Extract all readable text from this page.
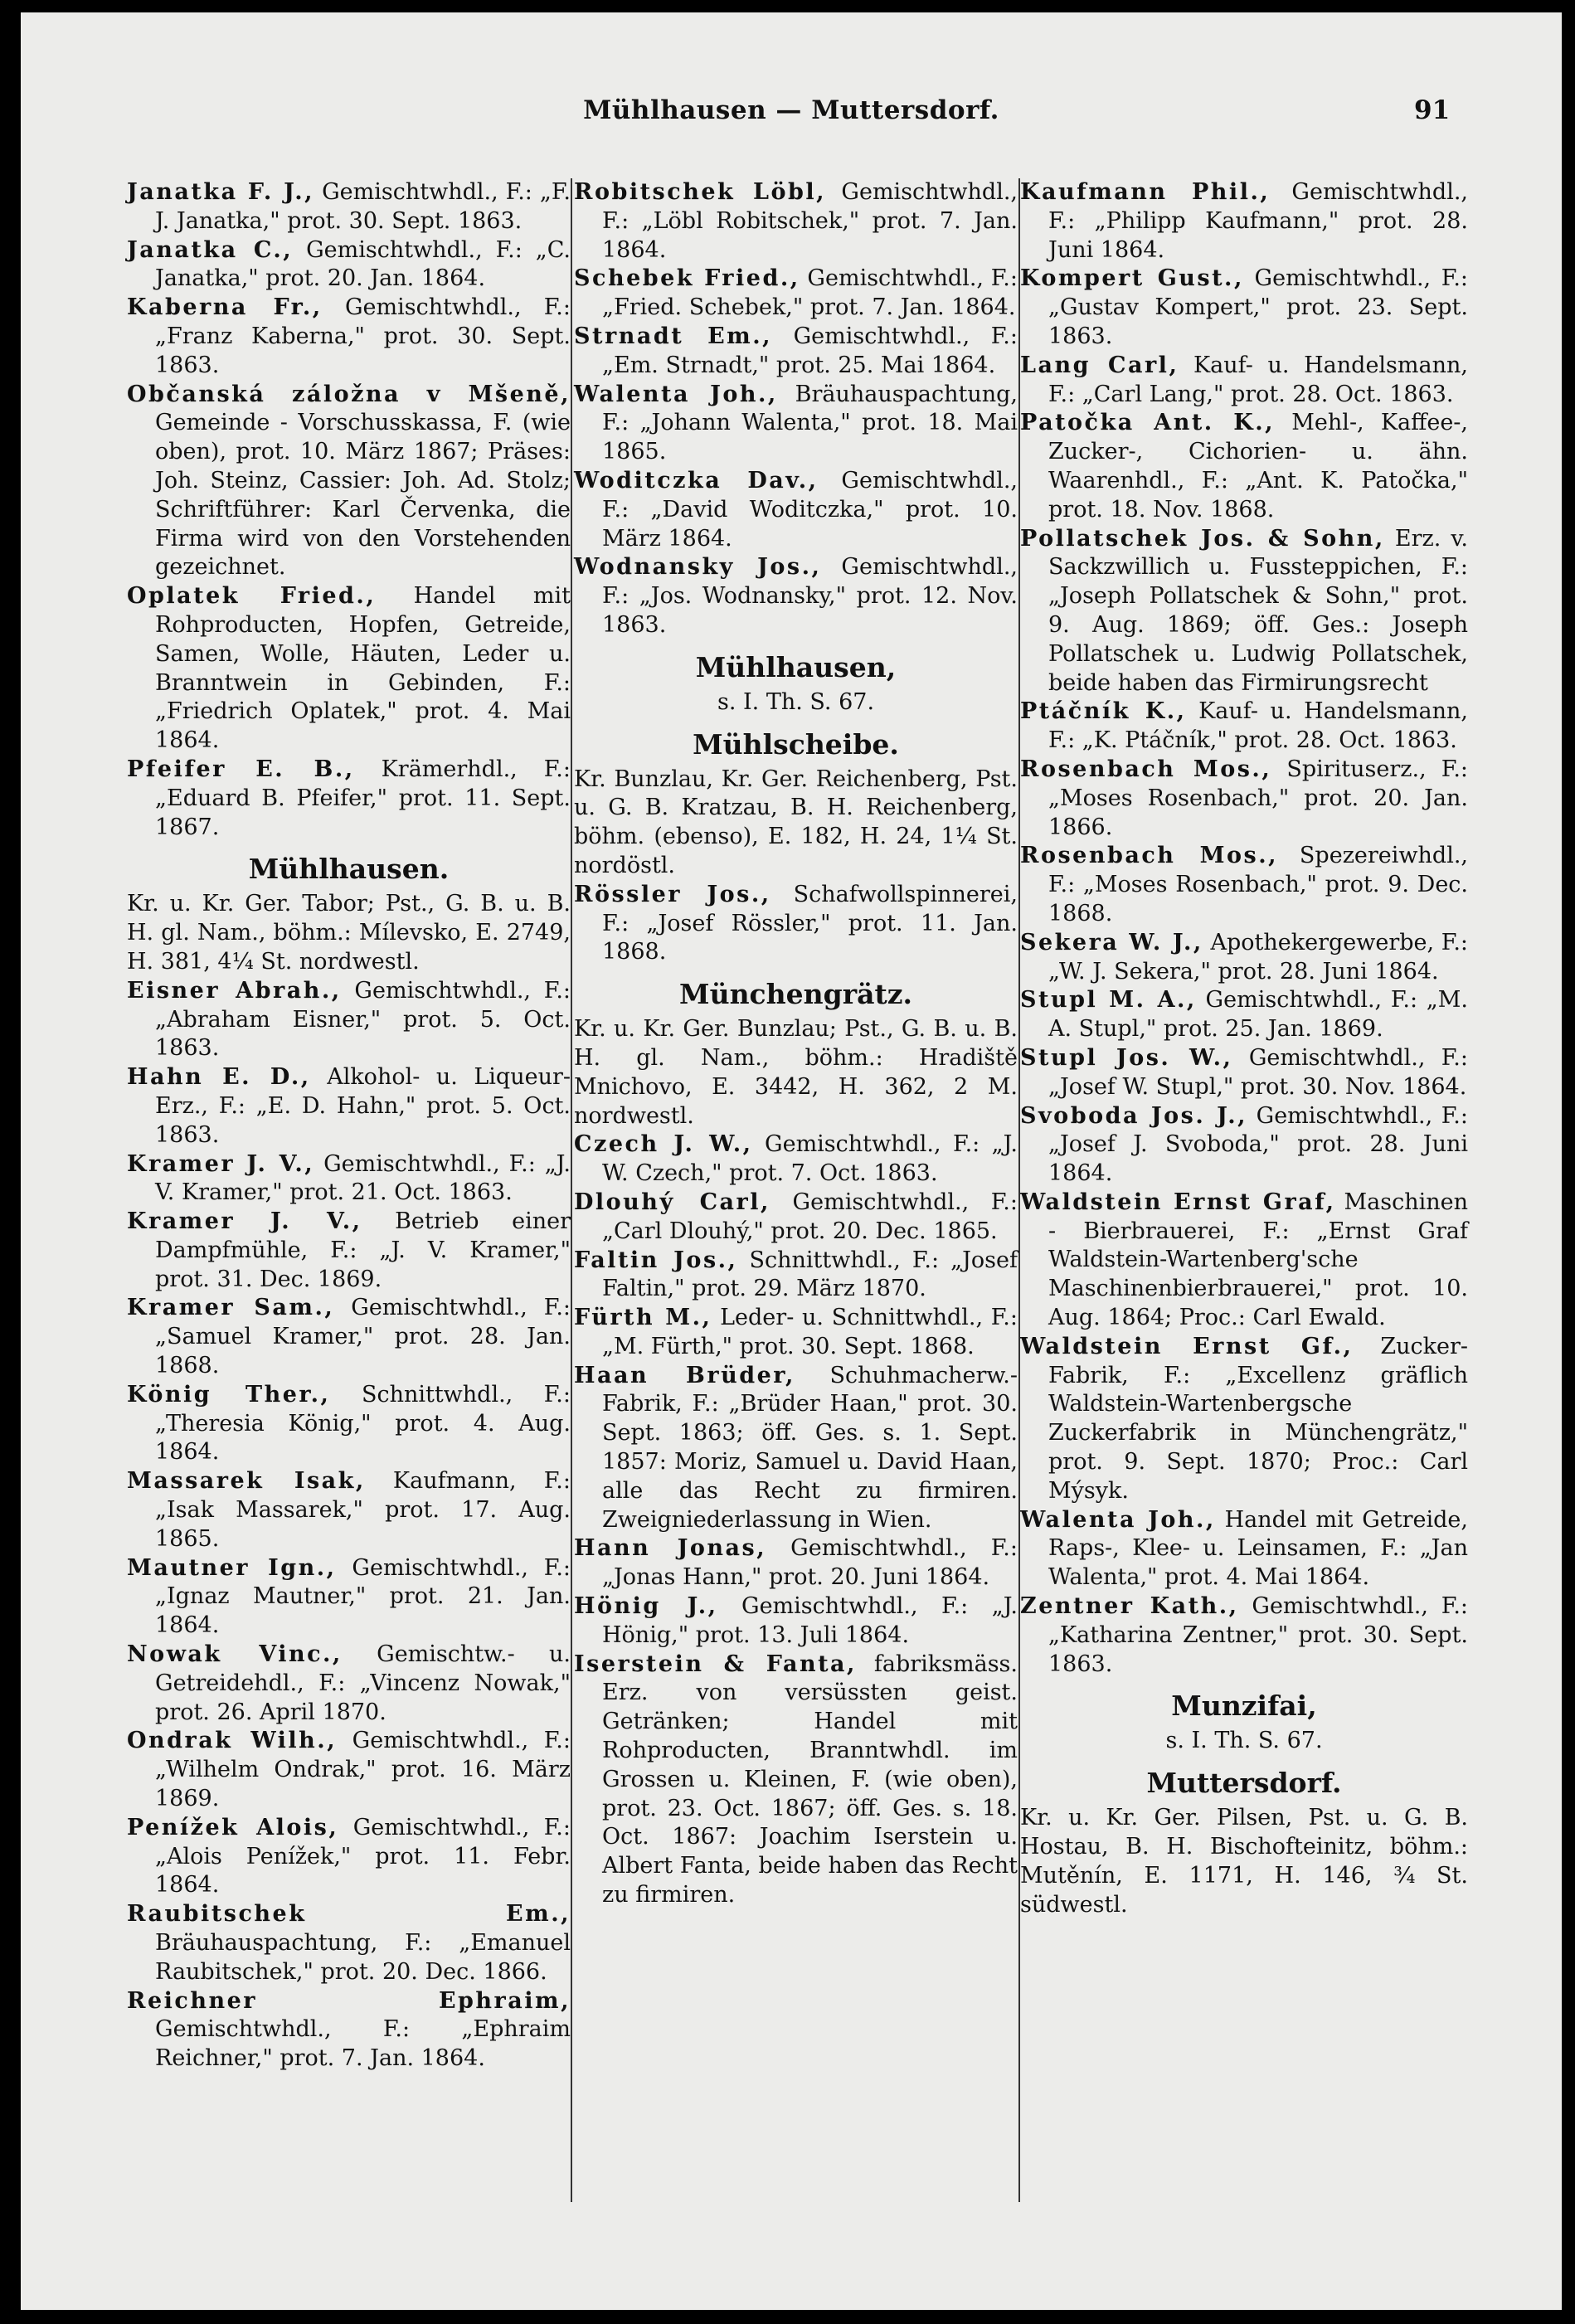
Mühlhausen — Muttersdorf.	91

Janatka F. J., Gemischtwhdl., F.: „F. J. Janatka," prot. 30. Sept. 1863.

Janatka C., Gemischtwhdl., F.: „C. Janatka," prot. 20. Jan. 1864.

Kaberna Fr., Gemischtwhdl., F.: „Franz Kaberna," prot. 30. Sept. 1863.

Občanská záložna v Mšeně, Gemeinde - Vorschusskassa, F. (wie oben), prot. 10. März 1867; Präses: Joh. Steinz, Cassier: Joh. Ad. Stolz; Schriftführer: Karl Červenka, die Firma wird von den Vorstehenden gezeichnet.

Oplatek Fried., Handel mit Rohproducten, Hopfen, Getreide, Samen, Wolle, Häuten, Leder u. Branntwein in Gebinden, F.: „Friedrich Oplatek," prot. 4. Mai 1864.

Pfeifer E. B., Krämerhdl., F.: „Eduard B. Pfeifer," prot. 11. Sept. 1867.

Mühlhausen.

Kr. u. Kr. Ger. Tabor; Pst., G. B. u. B. H. gl. Nam., böhm.: Mílevsko, E. 2749, H. 381, 4¼ St. nordwestl.

Eisner Abrah., Gemischtwhdl., F.: „Abraham Eisner," prot. 5. Oct. 1863.

Hahn E. D., Alkohol- u. Liqueur-Erz., F.: „E. D. Hahn," prot. 5. Oct. 1863.

Kramer J. V., Gemischtwhdl., F.: „J. V. Kramer," prot. 21. Oct. 1863.

Kramer J. V., Betrieb einer Dampfmühle, F.: „J. V. Kramer," prot. 31. Dec. 1869.

Kramer Sam., Gemischtwhdl., F.: „Samuel Kramer," prot. 28. Jan. 1868.

König Ther., Schnittwhdl., F.: „Theresia König," prot. 4. Aug. 1864.

Massarek Isak, Kaufmann, F.: „Isak Massarek," prot. 17. Aug. 1865.

Mautner Ign., Gemischtwhdl., F.: „Ignaz Mautner," prot. 21. Jan. 1864.

Nowak Vinc., Gemischtw.- u. Getreidehdl., F.: „Vincenz Nowak," prot. 26. April 1870.

Ondrak Wilh., Gemischtwhdl., F.: „Wilhelm Ondrak," prot. 16. März 1869.

Penížek Alois, Gemischtwhdl., F.: „Alois Penížek," prot. 11. Febr. 1864.

Raubitschek Em., Bräuhauspachtung, F.: „Emanuel Raubitschek," prot. 20. Dec. 1866.

Reichner Ephraim, Gemischtwhdl., F.: „Ephraim Reichner," prot. 7. Jan. 1864.

Robitschek Löbl, Gemischtwhdl., F.: „Löbl Robitschek," prot. 7. Jan. 1864.

Schebek Fried., Gemischtwhdl., F.: „Fried. Schebek," prot. 7. Jan. 1864.

Strnadt Em., Gemischtwhdl., F.: „Em. Strnadt," prot. 25. Mai 1864.

Walenta Joh., Bräuhauspachtung, F.: „Johann Walenta," prot. 18. Mai 1865.

Woditczka Dav., Gemischtwhdl., F.: „David Woditczka," prot. 10. März 1864.

Wodnansky Jos., Gemischtwhdl., F.: „Jos. Wodnansky," prot. 12. Nov. 1863.

Mühlhausen,
s. I. Th. S. 67.
Mühlscheibe.

Kr. Bunzlau, Kr. Ger. Reichenberg, Pst. u. G. B. Kratzau, B. H. Reichenberg, böhm. (ebenso), E. 182, H. 24, 1¼ St. nordöstl.

Rössler Jos., Schafwollspinnerei, F.: „Josef Rössler," prot. 11. Jan. 1868.

Münchengrätz.

Kr. u. Kr. Ger. Bunzlau; Pst., G. B. u. B. H. gl. Nam., böhm.: Hradiště Mnichovo, E. 3442, H. 362, 2 M. nordwestl.

Czech J. W., Gemischtwhdl., F.: „J. W. Czech," prot. 7. Oct. 1863.

Dlouhý Carl, Gemischtwhdl., F.: „Carl Dlouhý," prot. 20. Dec. 1865.

Faltin Jos., Schnittwhdl., F.: „Josef Faltin," prot. 29. März 1870.

Fürth M., Leder- u. Schnittwhdl., F.: „M. Fürth," prot. 30. Sept. 1868.

Haan Brüder, Schuhmacherw.-Fabrik, F.: „Brüder Haan," prot. 30. Sept. 1863; öff. Ges. s. 1. Sept. 1857: Moriz, Samuel u. David Haan, alle das Recht zu firmiren. Zweigniederlassung in Wien.

Hann Jonas, Gemischtwhdl., F.: „Jonas Hann," prot. 20. Juni 1864.

Hönig J., Gemischtwhdl., F.: „J. Hönig," prot. 13. Juli 1864.

Iserstein & Fanta, fabriksmäss. Erz. von versüssten geist. Getränken; Handel mit Rohproducten, Branntwhdl. im Grossen u. Kleinen, F. (wie oben), prot. 23. Oct. 1867; öff. Ges. s. 18. Oct. 1867: Joachim Iserstein u. Albert Fanta, beide haben das Recht zu firmiren.

Kaufmann Phil., Gemischtwhdl., F.: „Philipp Kaufmann," prot. 28. Juni 1864.

Kompert Gust., Gemischtwhdl., F.: „Gustav Kompert," prot. 23. Sept. 1863.

Lang Carl, Kauf- u. Handelsmann, F.: „Carl Lang," prot. 28. Oct. 1863.

Patočka Ant. K., Mehl-, Kaffee-, Zucker-, Cichorien- u. ähn. Waarenhdl., F.: „Ant. K. Patočka," prot. 18. Nov. 1868.

Pollatschek Jos. & Sohn, Erz. v. Sackzwillich u. Fussteppichen, F.: „Joseph Pollatschek & Sohn," prot. 9. Aug. 1869; öff. Ges.: Joseph Pollatschek u. Ludwig Pollatschek, beide haben das Firmirungsrecht

Ptáčník K., Kauf- u. Handelsmann, F.: „K. Ptáčník," prot. 28. Oct. 1863.

Rosenbach Mos., Spirituserz., F.: „Moses Rosenbach," prot. 20. Jan. 1866.

Rosenbach Mos., Spezereiwhdl., F.: „Moses Rosenbach," prot. 9. Dec. 1868.

Sekera W. J., Apothekergewerbe, F.: „W. J. Sekera," prot. 28. Juni 1864.

Stupl M. A., Gemischtwhdl., F.: „M. A. Stupl," prot. 25. Jan. 1869.

Stupl Jos. W., Gemischtwhdl., F.: „Josef W. Stupl," prot. 30. Nov. 1864.

Svoboda Jos. J., Gemischtwhdl., F.: „Josef J. Svoboda," prot. 28. Juni 1864.

Waldstein Ernst Graf, Maschinen - Bierbrauerei, F.: „Ernst Graf Waldstein-Wartenberg'sche Maschinenbierbrauerei," prot. 10. Aug. 1864; Proc.: Carl Ewald.

Waldstein Ernst Gf., Zucker-Fabrik, F.: „Excellenz gräflich Waldstein-Wartenbergsche Zuckerfabrik in Münchengrätz," prot. 9. Sept. 1870; Proc.: Carl Mýsyk.

Walenta Joh., Handel mit Getreide, Raps-, Klee- u. Leinsamen, F.: „Jan Walenta," prot. 4. Mai 1864.

Zentner Kath., Gemischtwhdl., F.: „Katharina Zentner," prot. 30. Sept. 1863.

Munzifai,
s. I. Th. S. 67.
Muttersdorf.

Kr. u. Kr. Ger. Pilsen, Pst. u. G. B. Hostau, B. H. Bischofteinitz, böhm.: Mutěnín, E. 1171, H. 146, ¾ St. südwestl.
